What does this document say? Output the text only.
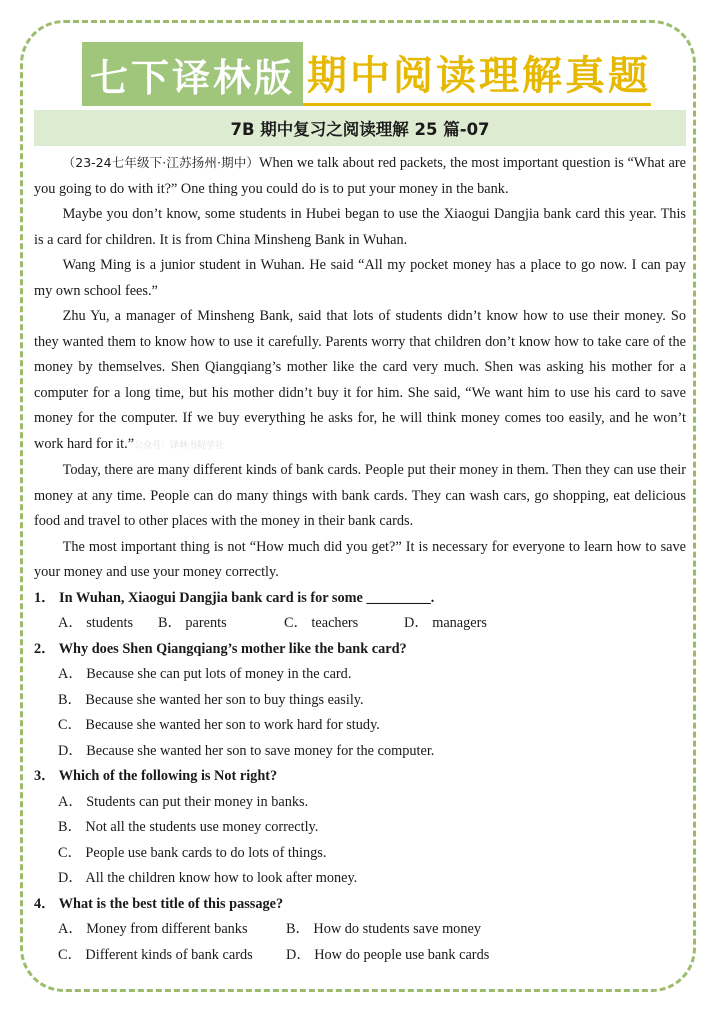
七下译林版 期中阅读理解真题
7B 期中复习之阅读理解 25 篇-07

（23-24七年级下·江苏扬州·期中）When we talk about red packets, the most important question is “What are you going to do with it?” One thing you could do is to put your money in the bank.

Maybe you don’t know, some students in Hubei began to use the Xiaogui Dangjia bank card this year. This is a card for children. It is from China Minsheng Bank in Wuhan.

Wang Ming is a junior student in Wuhan. He said “All my pocket money has a place to go now. I can pay my own school fees.”

Zhu Yu, a manager of Minsheng Bank, said that lots of students didn’t know how to use their money. So they wanted them to know how to use it carefully. Parents worry that children don’t know how to take care of the money by themselves. Shen Qiangqiang’s mother like the card very much. Shen was asking his mother for a computer for a long time, but his mother didn’t buy it for him. She said, “We want him to use his card to save money for the computer. If we buy everything he asks for, he will think money comes too easily, and he won’t work hard for it.”公众号：译林书院学社

Today, there are many different kinds of bank cards. People put their money in them. Then they can use their money at any time. People can do many things with bank cards. They can wash cars, go shopping, eat delicious food and travel to other places with the money in their bank cards.

The most important thing is not “How much did you get?” It is necessary for everyone to learn how to save your money and use your money correctly.

1． In Wuhan, Xiaogui Dangjia bank card is for some _________.

A． students	B． parents	C． teachers	D． managers

2． Why does Shen Qiangqiang’s mother like the bank card?

A． Because she can put lots of money in the card.

B． Because she wanted her son to buy things easily.

C． Because she wanted her son to work hard for study.

D． Because she wanted her son to save money for the computer.

3． Which of the following is Not right?

A． Students can put their money in banks.

B． Not all the students use money correctly.

C． People use bank cards to do lots of things.

D． All the children know how to look after money.

4． What is the best title of this passage?

A． Money from different banks	B． How do students save money
C． Different kinds of bank cards	D． How do people use bank cards
